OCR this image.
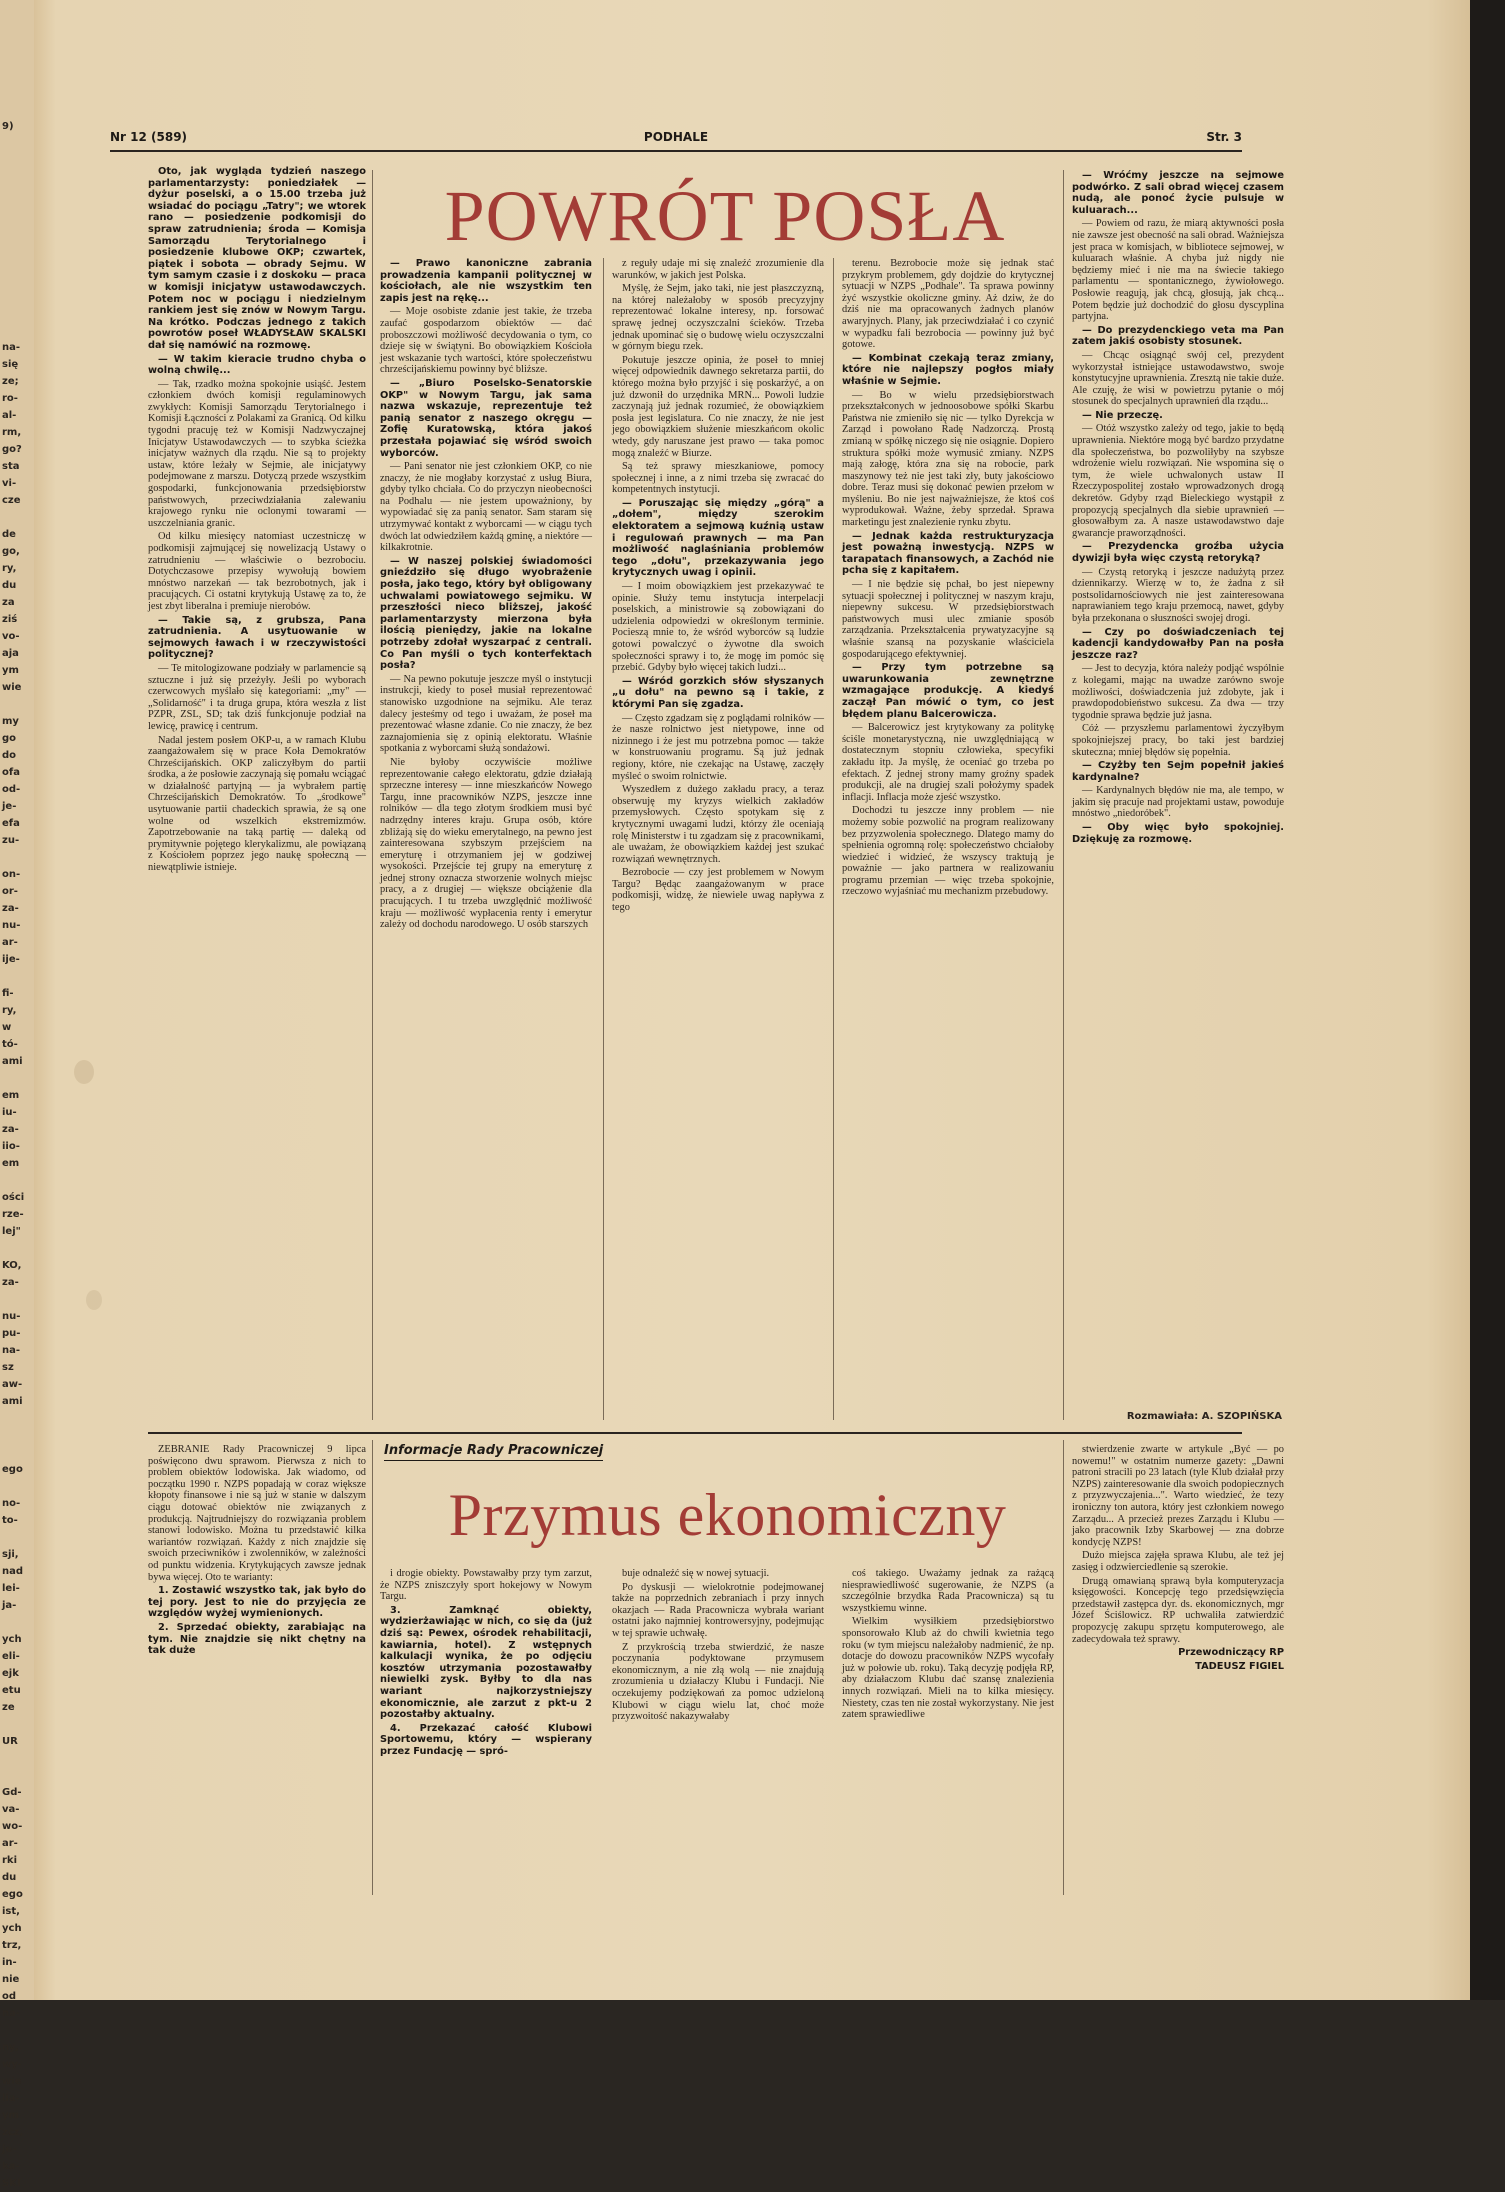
9)

na-
się
ze;
ro-
al-
rm,
go?
sta
vi-
cze

de
go,
ry,
du
za
ziś
vo-
aja
ym
wie

my
go
do
ofa
od-
je-
efa
zu-

on-
or-
za-
nu-
ar-
ije-

fi-
ry,
w
tó-
ami

em
iu-
za-
iio-
em

ości
rze-
lej"

KO,
za-

nu-
pu-
na-
sz
aw-
ami

ego

no-
to-

sji,
nad
lei-
ja-

ych
eli-
ejk
etu
ze

UR

Gd-
va-
wo-
ar-
rki
du
ego
ist,
ych
trz,
in-
nie
od
na-

ny,
wy-
wie
lia-
ym
zcz,
je-
ka-
SKI
Nr 12 (589)	PODHALE	Str. 3
POWRÓT POSŁA

Oto, jak wygląda tydzień naszego parlamentarzysty: poniedziałek — dyżur poselski, a o 15.00 trzeba już wsiadać do pociągu „Tatry"; we wtorek rano — posiedzenie podkomisji do spraw zatrudnienia; środa — Komisja Samorządu Terytorialnego i posiedzenie klubowe OKP; czwartek, piątek i sobota — obrady Sejmu. W tym samym czasie i z doskoku — praca w komisji inicjatyw ustawodawczych. Potem noc w pociągu i niedzielnym rankiem jest się znów w Nowym Targu. Na krótko. Podczas jednego z takich powrotów poseł WŁADYSŁAW SKALSKI dał się namówić na rozmowę.

— W takim kieracie trudno chyba o wolną chwilę...

— Tak, rzadko można spokojnie usiąść. Jestem członkiem dwóch komisji regulaminowych zwykłych: Komisji Samorządu Terytorialnego i Komisji Łączności z Polakami za Granicą. Od kilku tygodni pracuję też w Komisji Nadzwyczajnej Inicjatyw Ustawodawczych — to szybka ścieżka inicjatyw ważnych dla rządu. Nie są to projekty ustaw, które leżały w Sejmie, ale inicjatywy podejmowane z marszu. Dotyczą przede wszystkim gospodarki, funkcjonowania przedsiębiorstw państwowych, przeciwdziałania zalewaniu krajowego rynku nie oclonymi towarami — uszczelniania granic.

Od kilku miesięcy natomiast uczestniczę w podkomisji zajmującej się nowelizacją Ustawy o zatrudnieniu — właściwie o bezrobociu. Dotychczasowe przepisy wywołują bowiem mnóstwo narzekań — tak bezrobotnych, jak i pracujących. Ci ostatni krytykują Ustawę za to, że jest zbyt liberalna i premiuje nierobów.

— Takie są, z grubsza, Pana zatrudnienia. A usytuowanie w sejmowych ławach i w rzeczywistości politycznej?

— Te mitologizowane podziały w parlamencie są sztuczne i już się przeżyły. Jeśli po wyborach czerwcowych myślało się kategoriami: „my" — „Solidarność" i ta druga grupa, która weszła z list PZPR, ZSL, SD; tak dziś funkcjonuje podział na lewicę, prawicę i centrum.

Nadal jestem posłem OKP-u, a w ramach Klubu zaangażowałem się w prace Koła Demokratów Chrześcijańskich. OKP zaliczyłbym do partii środka, a że posłowie zaczynają się pomału wciągać w działalność partyjną — ja wybrałem partię Chrześcijańskich Demokratów. To „środkowe" usytuowanie partii chadeckich sprawia, że są one wolne od wszelkich ekstremizmów. Zapotrzebowanie na taką partię — daleką od prymitywnie pojętego klerykalizmu, ale powiązaną z Kościołem poprzez jego naukę społeczną — niewątpliwie istnieje.

— Prawo kanoniczne zabrania prowadzenia kampanii politycznej w kościołach, ale nie wszystkim ten zapis jest na rękę...

— Moje osobiste zdanie jest takie, że trzeba zaufać gospodarzom obiektów — dać proboszczowi możliwość decydowania o tym, co dzieje się w świątyni. Bo obowiązkiem Kościoła jest wskazanie tych wartości, które społeczeństwu chrześcijańskiemu powinny być bliższe.

— „Biuro Poselsko-Senatorskie OKP" w Nowym Targu, jak sama nazwa wskazuje, reprezentuje też panią senator z naszego okręgu — Zofię Kuratowską, która jakoś przestała pojawiać się wśród swoich wyborców.

— Pani senator nie jest członkiem OKP, co nie znaczy, że nie mogłaby korzystać z usług Biura, gdyby tylko chciała. Co do przyczyn nieobecności na Podhalu — nie jestem upoważniony, by wypowiadać się za panią senator. Sam staram się utrzymywać kontakt z wyborcami — w ciągu tych dwóch lat odwiedziłem każdą gminę, a niektóre — kilkakrotnie.

— W naszej polskiej świadomości gnieździło się długo wyobrażenie posła, jako tego, który był obligowany uchwalami powiatowego sejmiku. W przeszłości nieco bliższej, jakość parlamentarzysty mierzona była ilością pieniędzy, jakie na lokalne potrzeby zdołał wyszarpać z centrali. Co Pan myśli o tych konterfektach posła?

— Na pewno pokutuje jeszcze myśl o instytucji instrukcji, kiedy to poseł musiał reprezentować stanowisko uzgodnione na sejmiku. Ale teraz dalecy jesteśmy od tego i uważam, że poseł ma prezentować własne zdanie. Co nie znaczy, że bez zaznajomienia się z opinią elektoratu. Właśnie spotkania z wyborcami służą sondażowi.

Nie byłoby oczywiście możliwe reprezentowanie całego elektoratu, gdzie działają sprzeczne interesy — inne mieszkańców Nowego Targu, inne pracowników NZPS, jeszcze inne rolników — dla tego złotym środkiem musi być nadrzędny interes kraju. Grupa osób, które zbliżają się do wieku emerytalnego, na pewno jest zainteresowana szybszym przejściem na emeryturę i otrzymaniem jej w godziwej wysokości. Przejście tej grupy na emeryturę z jednej strony oznacza stworzenie wolnych miejsc pracy, a z drugiej — większe obciążenie dla pracujących. I tu trzeba uwzględnić możliwość kraju — możliwość wypłacenia renty i emerytur zależy od dochodu narodowego. U osób starszych

z reguły udaje mi się znaleźć zrozumienie dla warunków, w jakich jest Polska.

Myślę, że Sejm, jako taki, nie jest płaszczyzną, na której należałoby w sposób precyzyjny reprezentować lokalne interesy, np. forsować sprawę jednej oczyszczalni ścieków. Trzeba jednak upominać się o budowę wielu oczyszczalni w górnym biegu rzek.

Pokutuje jeszcze opinia, że poseł to mniej więcej odpowiednik dawnego sekretarza partii, do którego można było przyjść i się poskarżyć, a on już dzwonił do urzędnika MRN... Powoli ludzie zaczynają już jednak rozumieć, że obowiązkiem posła jest legislatura. Co nie znaczy, że nie jest jego obowiązkiem służenie mieszkańcom okolic wtedy, gdy naruszane jest prawo — taka pomoc mogą znaleźć w Biurze.

Są też sprawy mieszkaniowe, pomocy społecznej i inne, a z nimi trzeba się zwracać do kompetentnych instytucji.

— Poruszając się między „górą" a „dołem", między szerokim elektoratem a sejmową kuźnią ustaw i regulowań prawnych — ma Pan możliwość naglaśniania problemów tego „dołu", przekazywania jego krytycznych uwag i opinii.

— I moim obowiązkiem jest przekazywać te opinie. Służy temu instytucja interpelacji poselskich, a ministrowie są zobowiązani do udzielenia odpowiedzi w określonym terminie. Pocieszą mnie to, że wśród wyborców są ludzie gotowi powalczyć o żywotne dla swoich społeczności sprawy i to, że mogę im pomóc się przebić. Gdyby było więcej takich ludzi...

— Wśród gorzkich słów słyszanych „u dołu" na pewno są i takie, z którymi Pan się zgadza.

— Często zgadzam się z poglądami rolników — że nasze rolnictwo jest nietypowe, inne od nizinnego i że jest mu potrzebna pomoc — także w konstruowaniu programu. Są już jednak regiony, które, nie czekając na Ustawę, zaczęły myśleć o swoim rolnictwie.

Wyszedłem z dużego zakładu pracy, a teraz obserwuję my kryzys wielkich zakładów przemysłowych. Często spotykam się z krytycznymi uwagami ludzi, którzy źle oceniają rolę Ministerstw i tu zgadzam się z pracownikami, ale uważam, że obowiązkiem każdej jest szukać rozwiązań wewnętrznych.

Bezrobocie — czy jest problemem w Nowym Targu? Będąc zaangażowanym w prace podkomisji, widzę, że niewiele uwag napływa z tego

terenu. Bezrobocie może się jednak stać przykrym problemem, gdy dojdzie do krytycznej sytuacji w NZPS „Podhale". Ta sprawa powinny żyć wszystkie okoliczne gminy. Aż dziw, że do dziś nie ma opracowanych żadnych planów awaryjnych. Plany, jak przeciwdziałać i co czynić w wypadku fali bezrobocia — powinny już być gotowe.

— Kombinat czekają teraz zmiany, które nie najlepszy pogłos miały właśnie w Sejmie.

— Bo w wielu przedsiębiorstwach przekształconych w jednoosobowe spółki Skarbu Państwa nie zmieniło się nic — tylko Dyrekcja w Zarząd i powołano Radę Nadzorczą. Prostą zmianą w spółkę niczego się nie osiągnie. Dopiero struktura spółki może wymusić zmiany. NZPS mają załogę, która zna się na robocie, park maszynowy też nie jest taki zły, buty jakościowo dobre. Teraz musi się dokonać pewien przełom w myśleniu. Bo nie jest najważniejsze, że ktoś coś wyprodukował. Ważne, żeby sprzedał. Sprawa marketingu jest znalezienie rynku zbytu.

— Jednak każda restrukturyzacja jest poważną inwestycją. NZPS w tarapatach finansowych, a Zachód nie pcha się z kapitałem.

— I nie będzie się pchał, bo jest niepewny sytuacji społecznej i politycznej w naszym kraju, niepewny sukcesu. W przedsiębiorstwach państwowych musi ulec zmianie sposób zarządzania. Przekształcenia prywatyzacyjne są właśnie szansą na pozyskanie właściciela gospodarującego efektywniej.

— Przy tym potrzebne są uwarunkowania zewnętrzne wzmagające produkcję. A kiedyś zaczął Pan mówić o tym, co jest błędem planu Balcerowicza.

— Balcerowicz jest krytykowany za politykę ściśle monetarystyczną, nie uwzględniającą w dostatecznym stopniu człowieka, specyfiki zakładu itp. Ja myślę, że oceniać go trzeba po efektach. Z jednej strony mamy groźny spadek produkcji, ale na drugiej szali położymy spadek inflacji. Inflacja może zjeść wszystko.

Dochodzi tu jeszcze inny problem — nie możemy sobie pozwolić na program realizowany bez przyzwolenia społecznego. Dlatego mamy do spełnienia ogromną rolę: społeczeństwo chciałoby wiedzieć i widzieć, że wszyscy traktują je poważnie — jako partnera w realizowaniu programu przemian — więc trzeba spokojnie, rzeczowo wyjaśniać mu mechanizm przebudowy.

— Wróćmy jeszcze na sejmowe podwórko. Z sali obrad więcej czasem nudą, ale ponoć życie pulsuje w kuluarach...

— Powiem od razu, że miarą aktywności posła nie zawsze jest obecność na sali obrad. Ważniejsza jest praca w komisjach, w bibliotece sejmowej, w kuluarach właśnie. A chyba już nigdy nie będziemy mieć i nie ma na świecie takiego parlamentu — spontanicznego, żywiołowego. Posłowie reagują, jak chcą, głosują, jak chcą... Potem będzie już dochodzić do głosu dyscyplina partyjna.

— Do prezydenckiego veta ma Pan zatem jakiś osobisty stosunek.

— Chcąc osiągnąć swój cel, prezydent wykorzystał istniejące ustawodawstwo, swoje konstytucyjne uprawnienia. Zresztą nie takie duże. Ale czuję, że wisi w powietrzu pytanie o mój stosunek do specjalnych uprawnień dla rządu...

— Nie przeczę.

— Otóż wszystko zależy od tego, jakie to będą uprawnienia. Niektóre mogą być bardzo przydatne dla społeczeństwa, bo pozwoliłyby na szybsze wdrożenie wielu rozwiązań. Nie wspomina się o tym, że wiele uchwalonych ustaw II Rzeczypospolitej zostało wprowadzonych drogą dekretów. Gdyby rząd Bieleckiego wystąpił z propozycją specjalnych dla siebie uprawnień — głosowałbym za. A nasze ustawodawstwo daje gwarancje praworządności.

— Prezydencka groźba użycia dywizji była więc czystą retoryką?

— Czystą retoryką i jeszcze nadużytą przez dziennikarzy. Wierzę w to, że żadna z sił postsolidarnościowych nie jest zainteresowana naprawianiem tego kraju przemocą, nawet, gdyby była przekonana o słuszności swojej drogi.

— Czy po doświadczeniach tej kadencji kandydowałby Pan na posła jeszcze raz?

— Jest to decyzja, która należy podjąć wspólnie z kolegami, mając na uwadze zarówno swoje możliwości, doświadczenia już zdobyte, jak i prawdopodobieństwo sukcesu. Za dwa — trzy tygodnie sprawa będzie już jasna.

Cóż — przyszłemu parlamentowi życzyłbym spokojniejszej pracy, bo taki jest bardziej skuteczna; mniej błędów się popełnia.

— Czyżby ten Sejm popełnił jakieś kardynalne?

— Kardynalnych błędów nie ma, ale tempo, w jakim się pracuje nad projektami ustaw, powoduje mnóstwo „niedoróbek".

— Oby więc było spokojniej. Dziękuję za rozmowę.

Rozmawiała: A. SZOPIŃSKA
Informacje Rady Pracowniczej
Przymus ekonomiczny

ZEBRANIE Rady Pracowniczej 9 lipca poświęcono dwu sprawom. Pierwsza z nich to problem obiektów lodowiska. Jak wiadomo, od początku 1990 r. NZPS popadają w coraz większe kłopoty finansowe i nie są już w stanie w dalszym ciągu dotować obiektów nie związanych z produkcją. Najtrudniejszy do rozwiązania problem stanowi lodowisko. Można tu przedstawić kilka wariantów rozwiązań. Każdy z nich znajdzie się swoich przeciwników i zwolenników, w zależności od punktu widzenia. Krytykujących zawsze jednak bywa więcej. Oto te warianty:

1. Zostawić wszystko tak, jak było do tej pory. Jest to nie do przyjęcia ze względów wyżej wymienionych.

2. Sprzedać obiekty, zarabiając na tym. Nie znajdzie się nikt chętny na tak duże

i drogie obiekty. Powstawałby przy tym zarzut, że NZPS zniszczyły sport hokejowy w Nowym Targu.

3. Zamknąć obiekty, wydzierżawiając w nich, co się da (już dziś są: Pewex, ośrodek rehabilitacji, kawiarnia, hotel). Z wstępnych kalkulacji wynika, że po odjęciu kosztów utrzymania pozostawałby niewielki zysk. Byłby to dla nas wariant najkorzystniejszy ekonomicznie, ale zarzut z pkt-u 2 pozostałby aktualny.

4. Przekazać całość Klubowi Sportowemu, który — wspierany przez Fundację — spró-

buje odnaleźć się w nowej sytuacji.

Po dyskusji — wielokrotnie podejmowanej także na poprzednich zebraniach i przy innych okazjach — Rada Pracownicza wybrała wariant ostatni jako najmniej kontrowersyjny, podejmując w tej sprawie uchwałę.

Z przykrością trzeba stwierdzić, że nasze poczynania podyktowane przymusem ekonomicznym, a nie złą wolą — nie znajdują zrozumienia u działaczy Klubu i Fundacji. Nie oczekujemy podziękowań za pomoc udzieloną Klubowi w ciągu wielu lat, choć może przyzwoitość nakazywałaby

coś takiego. Uważamy jednak za rażącą niesprawiedliwość sugerowanie, że NZPS (a szczególnie brzydka Rada Pracownicza) są tu wszystkiemu winne.

Wielkim wysiłkiem przedsiębiorstwo sponsorowało Klub aż do chwili kwietnia tego roku (w tym miejscu należałoby nadmienić, że np. dotacje do dowozu pracowników NZPS wycofały już w połowie ub. roku). Taką decyzję podjęła RP, aby działaczom Klubu dać szansę znalezienia innych rozwiązań. Mieli na to kilka miesięcy. Niestety, czas ten nie został wykorzystany. Nie jest zatem sprawiedliwe

stwierdzenie zwarte w artykule „Być — po nowemu!" w ostatnim numerze gazety: „Dawni patroni stracili po 23 latach (tyle Klub działał przy NZPS) zainteresowanie dla swoich podopiecznych z przyzwyczajenia...". Warto wiedzieć, że tezy ironiczny ton autora, który jest członkiem nowego Zarządu... A przecież prezes Zarządu i Klubu — jako pracownik Izby Skarbowej — zna dobrze kondycję NZPS!

Dużo miejsca zajęła sprawa Klubu, ale też jej zasięg i odzwierciedlenie są szerokie.

Drugą omawianą sprawą była komputeryzacja księgowości. Koncepcję tego przedsięwzięcia przedstawił zastępca dyr. ds. ekonomicznych, mgr Józef Ściślowicz. RP uchwaliła zatwierdzić propozycję zakupu sprzętu komputerowego, ale zadecydowała też sprawy.

Przewodniczący RP

TADEUSZ FIGIEL
